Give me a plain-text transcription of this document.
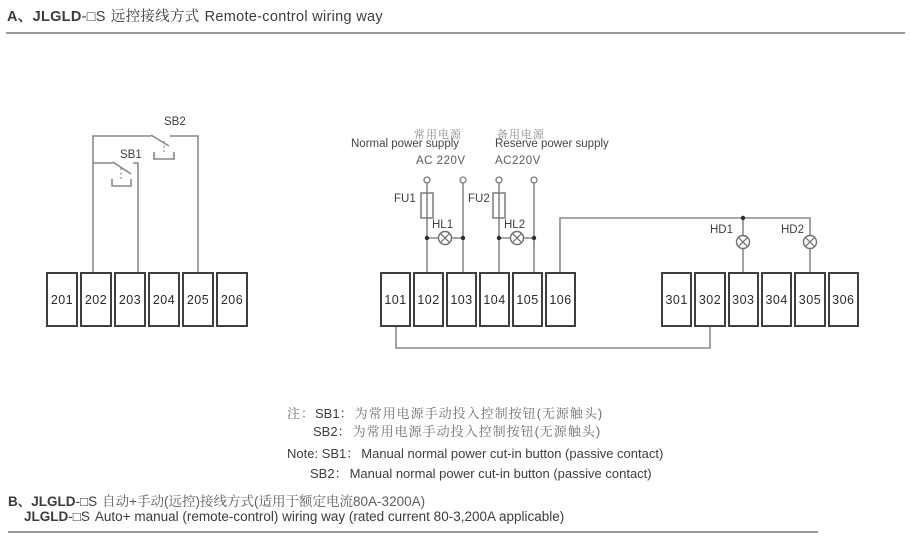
A、JLGLD-□S 远控接线方式 Remote-control wiring way
SB2
SB1
FU1	FU2
HL1	HL2	HD1	HD2
常用电源
Normal power supply
AC 220V
备用电源
Reserve power supply
AC220V
201 202 203 204 205 206	101 102 103 104 105 106	301 302 303 304 305 306
注：SB1： 为常用电源手动投入控制按钮(无源触头)
SB2： 为常用电源手动投入控制按钮(无源触头)
Note: SB1： Manual normal power cut-in button (passive contact)
SB2： Manual normal power cut-in button (passive contact)
B、JLGLD-□S 自动+手动(远控)接线方式(适用于额定电流80A-3200A)
JLGLD-□S Auto+ manual (remote-control) wiring way (rated current 80-3,200A applicable)
